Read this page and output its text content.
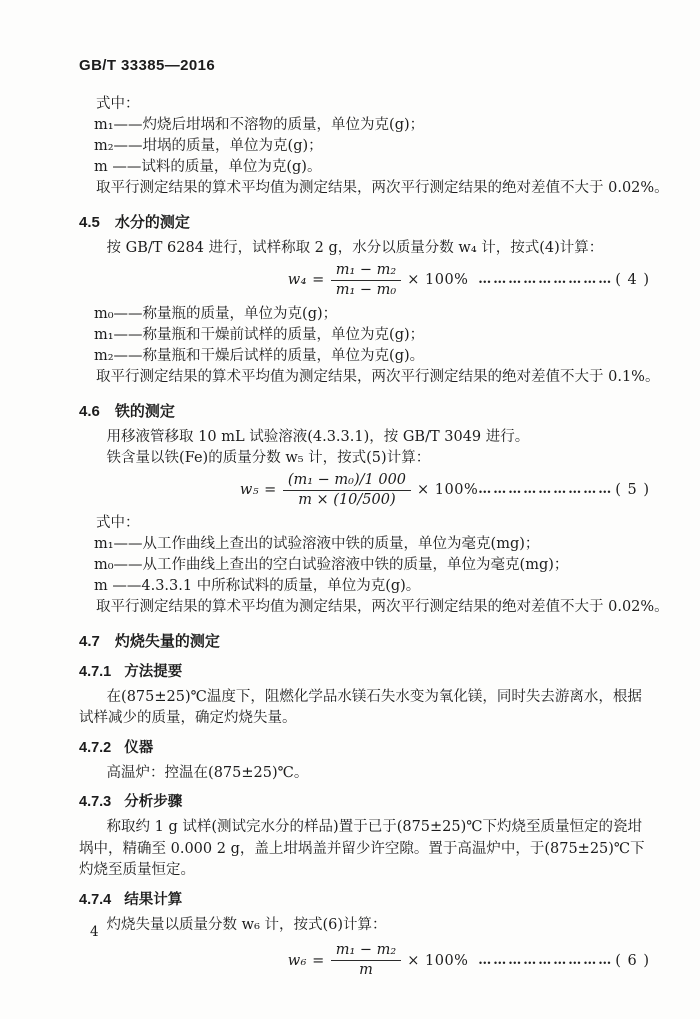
GB/T 33385—2016
式中：
m₁——灼烧后坩埚和不溶物的质量，单位为克(g)；
m₂——坩埚的质量，单位为克(g)；
m ——试料的质量，单位为克(g)。
取平行测定结果的算术平均值为测定结果，两次平行测定结果的绝对差值不大于 0.02%。
4.5 水分的测定
按 GB/T 6284 进行，试样称取 2 g，水分以质量分数 w₄ 计，按式(4)计算：
$w_4 = \frac{\text{m₁ − m₂}}{\text{m₁ − m₀}} \times 100\%$ ……………………… ( 4 )
m₀——称量瓶的质量，单位为克(g)；
m₁——称量瓶和干燥前试样的质量，单位为克(g)；
m₂——称量瓶和干燥后试样的质量，单位为克(g)。
取平行测定结果的算术平均值为测定结果，两次平行测定结果的绝对差值不大于 0.1%。
4.6 铁的测定
用移液管移取 10 mL 试验溶液(4.3.3.1)，按 GB/T 3049 进行。
铁含量以铁(Fe)的质量分数 w₅ 计，按式(5)计算：
$w_5 = \frac{\text{(m₁ − m₀)/1 000}}{m \times (10/500)} \times 100\%$ ……………………… ( 5 )
式中：
m₁——从工作曲线上查出的试验溶液中铁的质量，单位为毫克(mg)；
m₀——从工作曲线上查出的空白试验溶液中铁的质量，单位为毫克(mg)；
m ——4.3.3.1 中所称试料的质量，单位为克(g)。
取平行测定结果的算术平均值为测定结果，两次平行测定结果的绝对差值不大于 0.02%。
4.7 灼烧失量的测定
4.7.1 方法提要
在(875±25)℃温度下，阻燃化学品水镁石失水变为氧化镁，同时失去游离水，根据试样减少的质量，确定灼烧失量。
4.7.2 仪器
高温炉：控温在(875±25)℃。
4.7.3 分析步骤
称取约 1 g 试样(测试完水分的样品)置于已于(875±25)℃下灼烧至质量恒定的瓷坩埚中，精确至 0.000 2 g，盖上坩埚盖并留少许空隙。置于高温炉中，于(875±25)℃下灼烧至质量恒定。
4.7.4 结果计算
灼烧失量以质量分数 w₆ 计，按式(6)计算：
$w_6 = \frac{\text{m₁ − m₂}}{m} \times 100\%$ ……………………… ( 6 )
4
